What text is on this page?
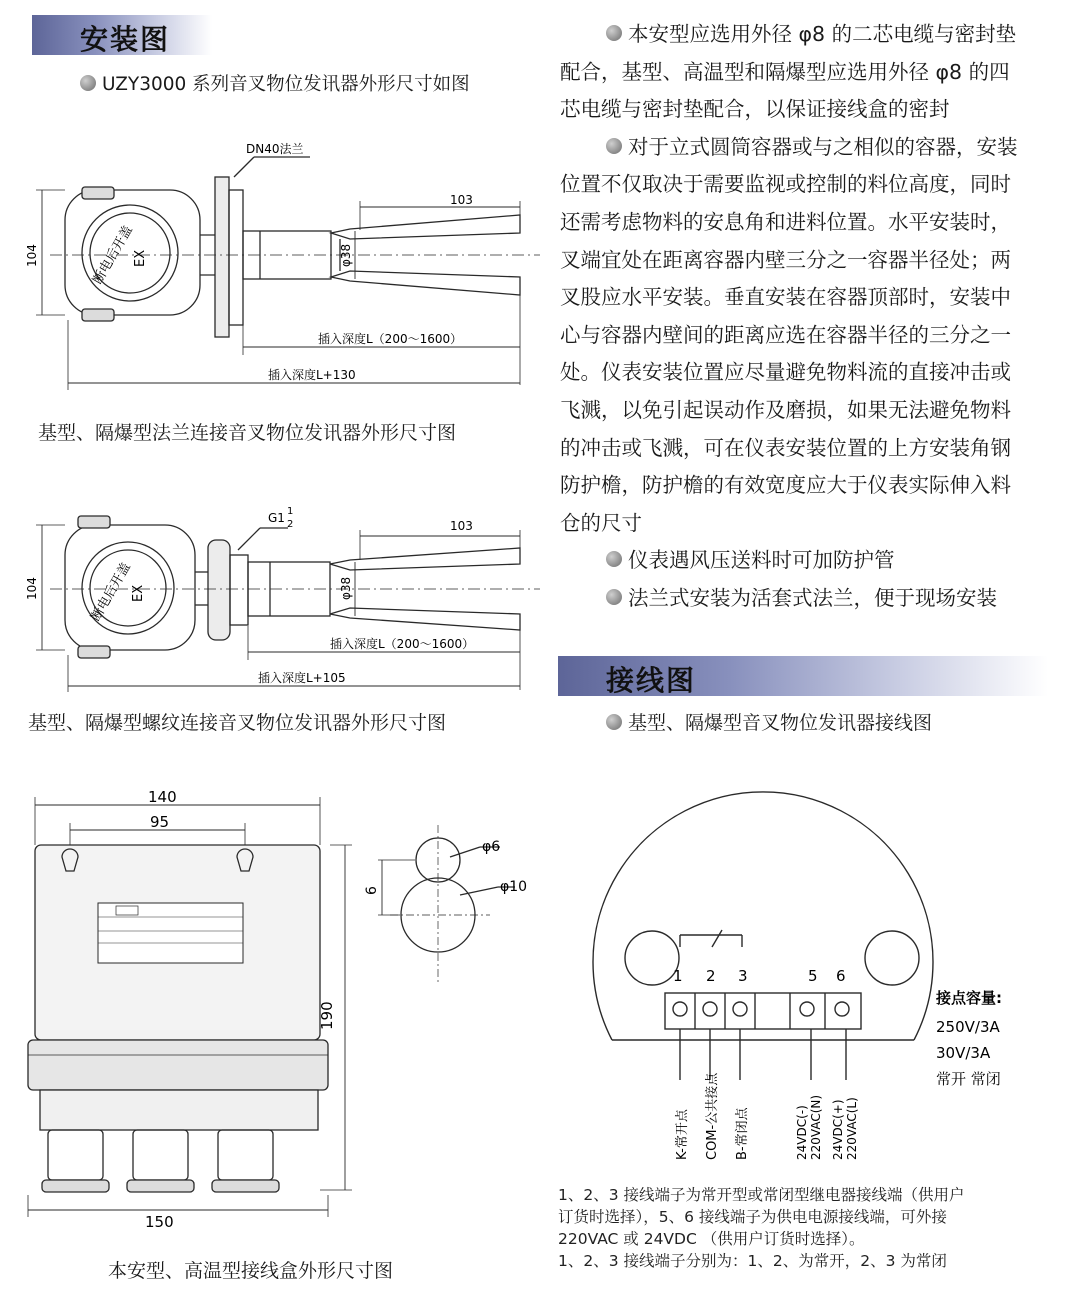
安装图
UZY3000 系列音叉物位发讯器外形尺寸如图
DN40法兰
103
104	φ38
插入深度L（200～1600）
插入深度L+130
断电后开盖
EX
基型、隔爆型法兰连接音叉物位发讯器外形尺寸图
G1 1
2	103
104	φ38
插入深度L（200～1600）
插入深度L+105
断电后开盖
EX
基型、隔爆型螺纹连接音叉物位发讯器外形尺寸图
140
95
190
150
6
φ6
φ10
本安型、高温型接线盒外形尺寸图

本安型应选用外径 φ8 的二芯电缆与密封垫
配合，基型、高温型和隔爆型应选用外径 φ8 的四
芯电缆与密封垫配合，以保证接线盒的密封

对于立式圆筒容器或与之相似的容器，安装
位置不仅取决于需要监视或控制的料位高度，同时
还需考虑物料的安息角和进料位置。水平安装时，
叉端宜处在距离容器内壁三分之一容器半径处；两
叉股应水平安装。垂直安装在容器顶部时，安装中
心与容器内壁间的距离应选在容器半径的三分之一
处。仪表安装位置应尽量避免物料流的直接冲击或
飞溅，以免引起误动作及磨损，如果无法避免物料
的冲击或飞溅，可在仪表安装位置的上方安装角钢
防护檐，防护檐的有效宽度应大于仪表实际伸入料
仓的尺寸

仪表遇风压送料时可加防护管

法兰式安装为活套式法兰，便于现场安装

接线图
基型、隔爆型音叉物位发讯器接线图
1 2 3	5 6
K-常开点 COM-公共接点 B-常闭点	24VDC(-) 220VAC(N) 24VDC(+) 220VAC(L)
接点容量:
250V/3A
30V/3A
常开 常闭
1、2、3 接线端子为常开型或常闭型继电器接线端（供用户
订货时选择），5、6 接线端子为供电电源接线端，可外接
220VAC 或 24VDC （供用户订货时选择）。
1、2、3 接线端子分别为：1、2、为常开，2、3 为常闭
